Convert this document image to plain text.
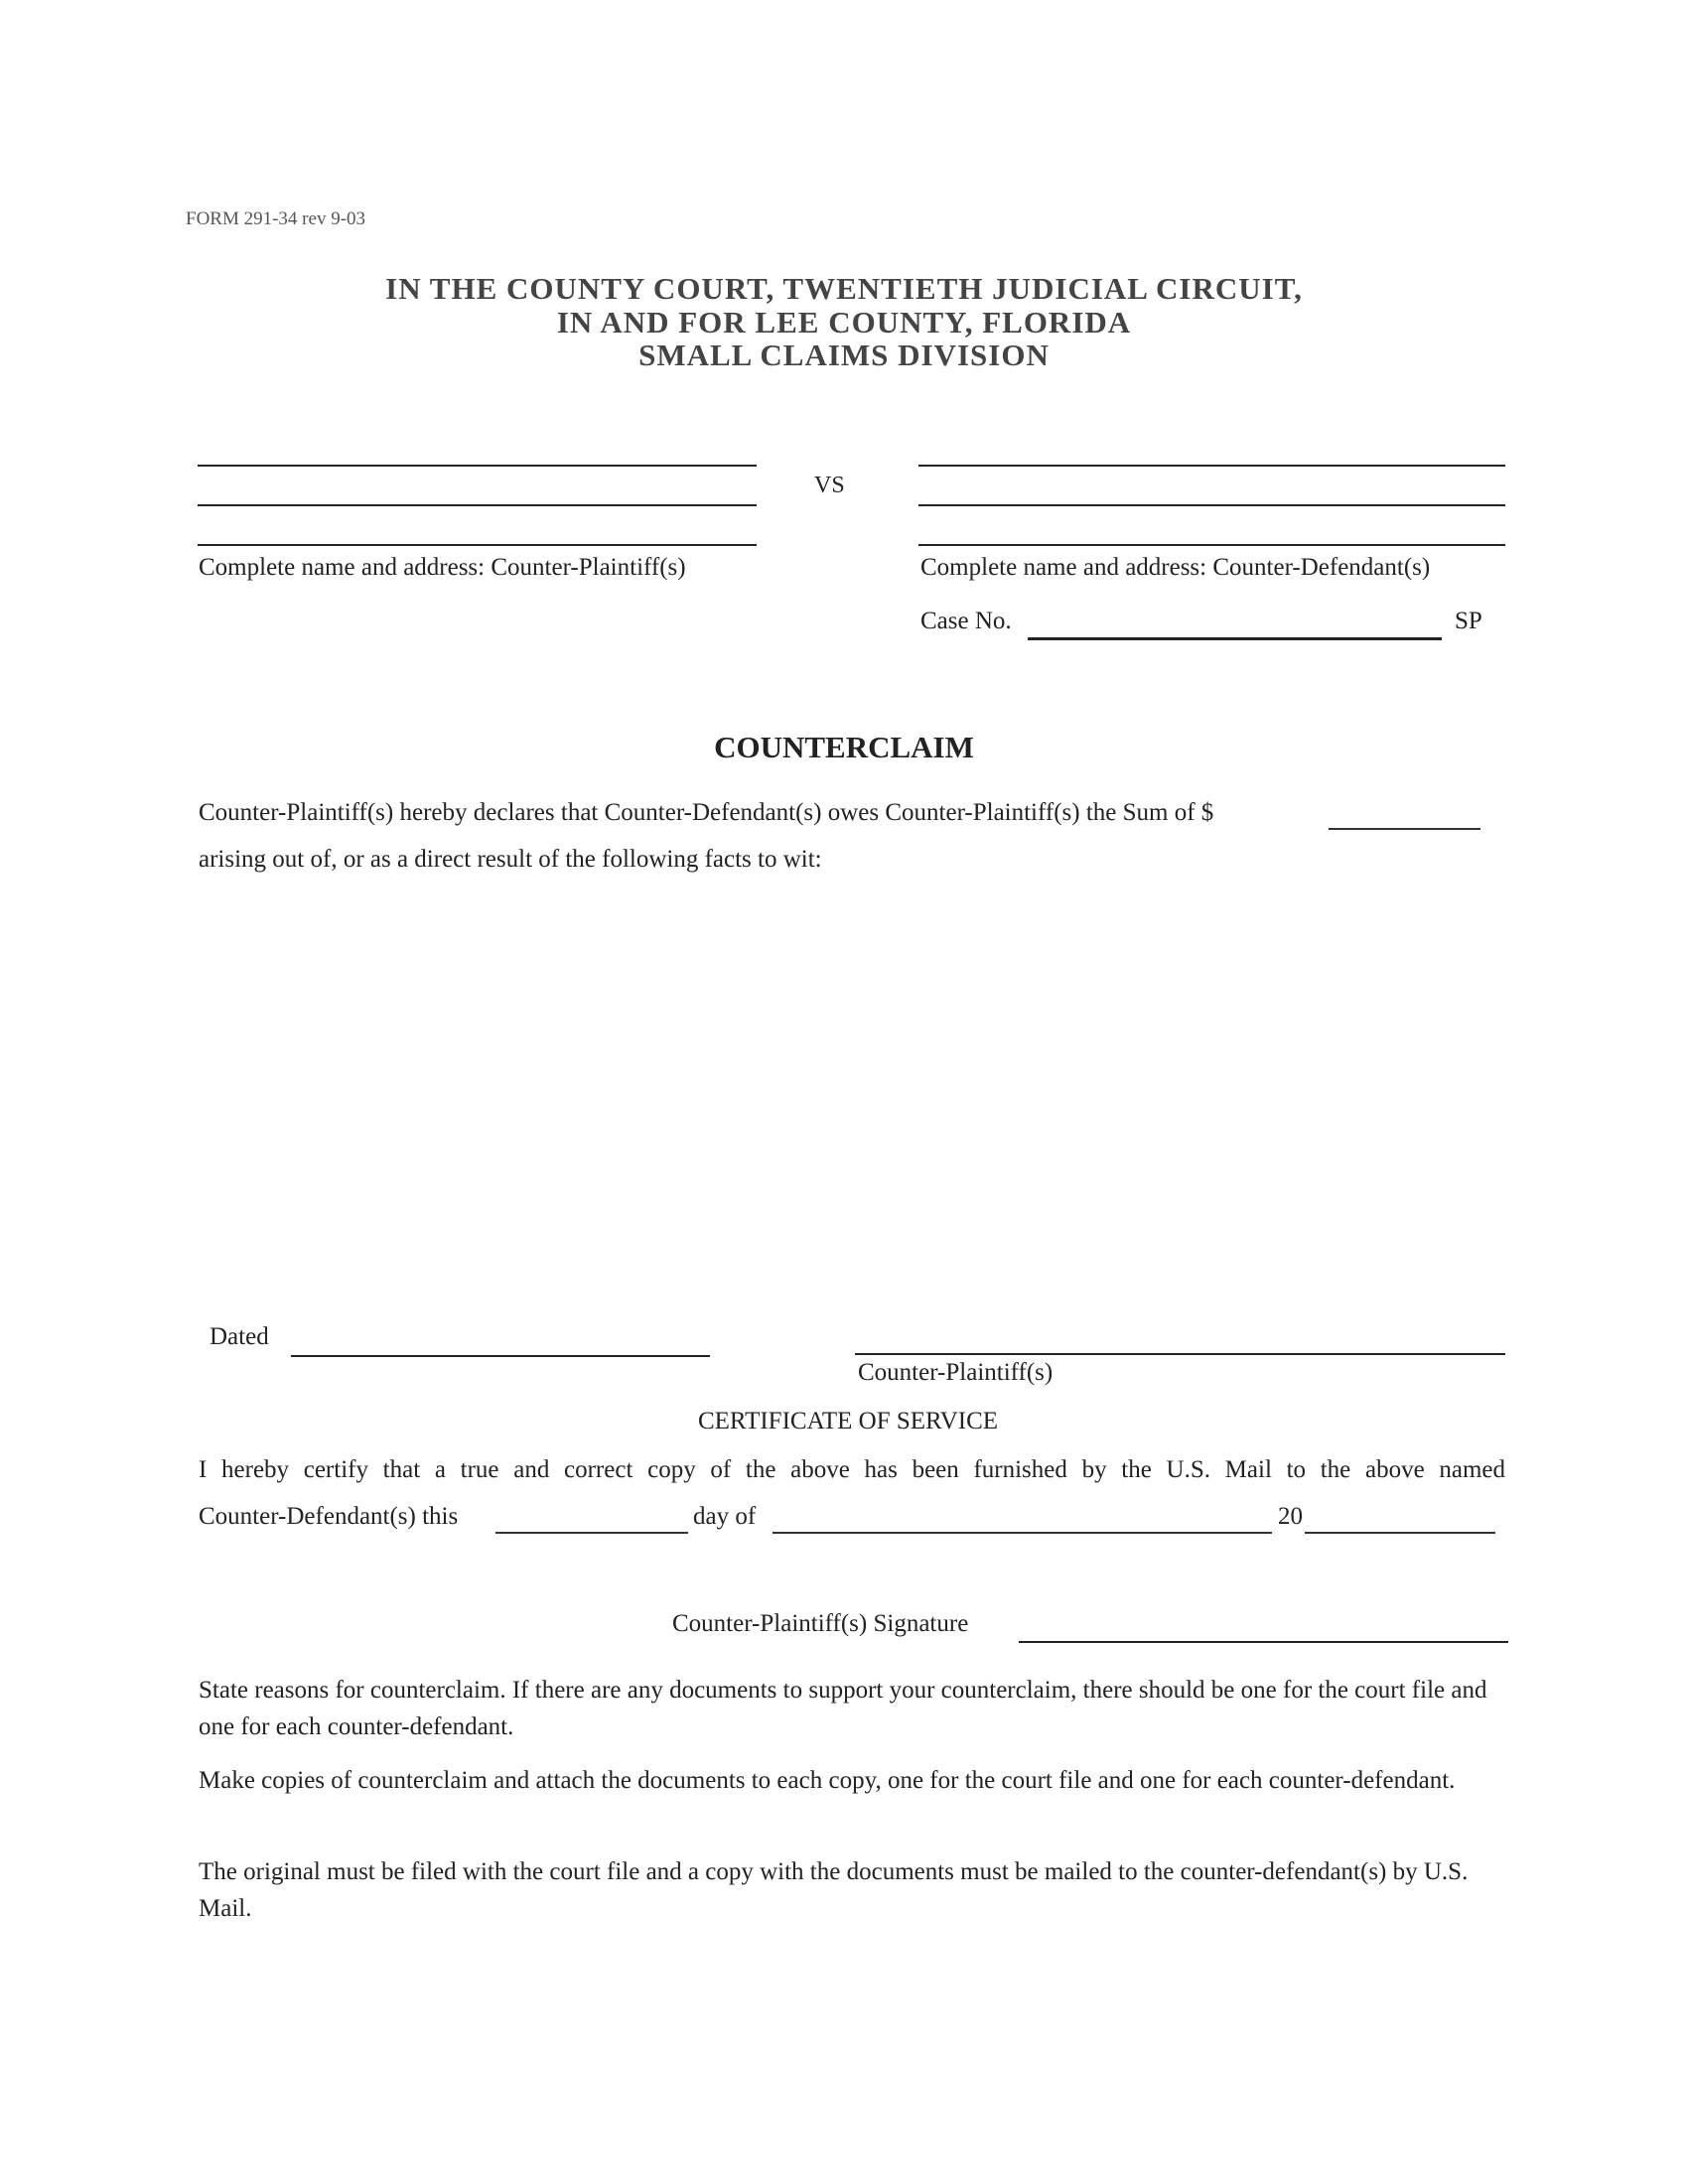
FORM 291-34 rev 9-03
IN THE COUNTY COURT, TWENTIETH JUDICIAL CIRCUIT,
IN AND FOR LEE COUNTY, FLORIDA
SMALL CLAIMS DIVISION
Complete name and address: Counter-Plaintiff(s)
VS
Complete name and address: Counter-Defendant(s)
Case No.	SP
COUNTERCLAIM
Counter-Plaintiff(s) hereby declares that Counter-Defendant(s) owes Counter-Plaintiff(s) the Sum of $
arising out of, or as a direct result of the following facts to wit:
Dated
Counter-Plaintiff(s)
CERTIFICATE OF SERVICE
I hereby certify that a true and correct copy of the above has been furnished by the U.S. Mail to the above named
Counter-Defendant(s) this	day of	20
Counter-Plaintiff(s) Signature
State reasons for counterclaim. If there are any documents to support your counterclaim, there should be one for the court file and one for each counter-defendant.
Make copies of counterclaim and attach the documents to each copy, one for the court file and one for each counter-defendant.
The original must be filed with the court file and a copy with the documents must be mailed to the counter-defendant(s) by U.S. Mail.
